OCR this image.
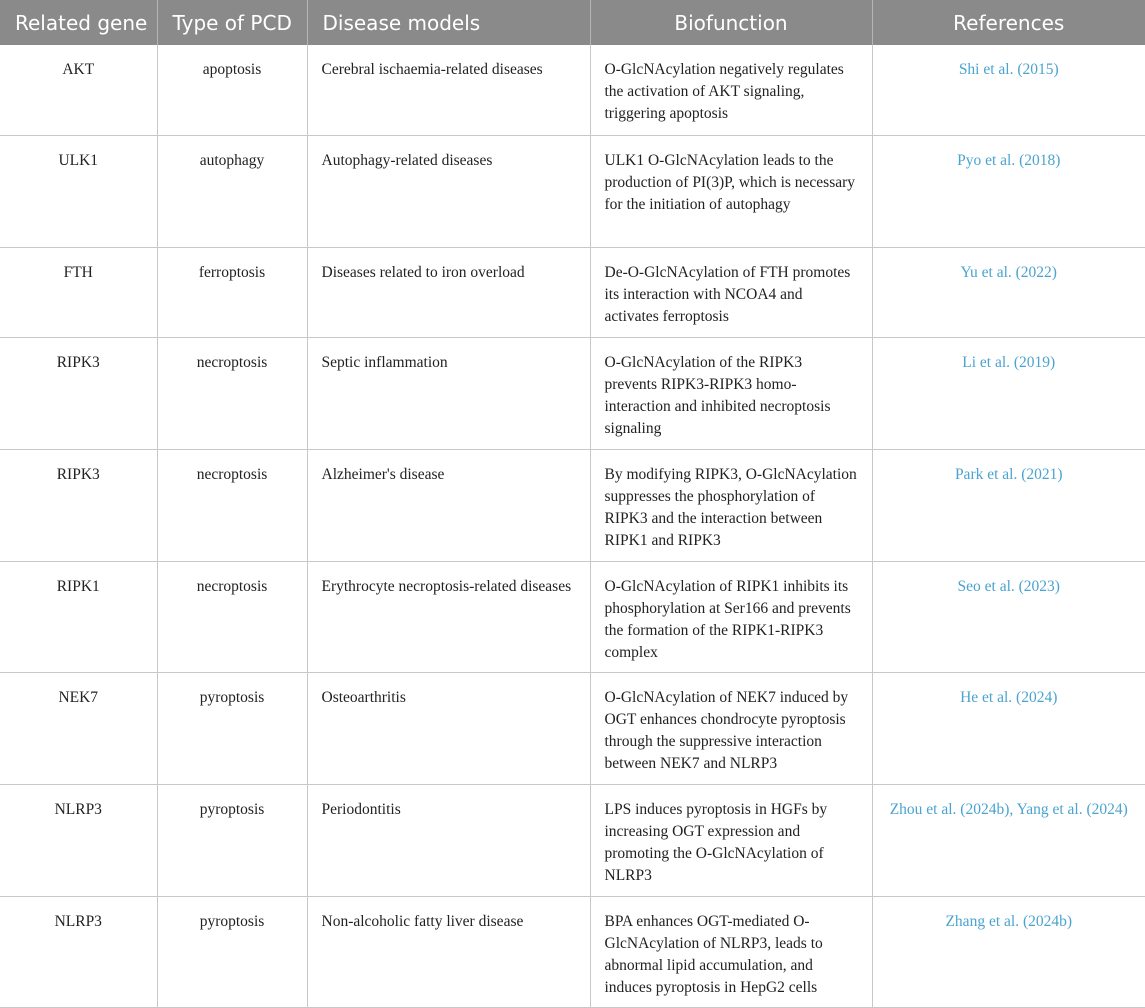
Related gene	Type of PCD	Disease models	Biofunction	References
AKT	apoptosis	Cerebral ischaemia-related diseases	O-GlcNAcylation negatively regulates the activation of AKT signaling, triggering apoptosis	Shi et al. (2015)
ULK1	autophagy	Autophagy-related diseases	ULK1 O-GlcNAcylation leads to the production of PI(3)P, which is necessary for the initiation of autophagy	Pyo et al. (2018)
FTH	ferroptosis	Diseases related to iron overload	De-O-GlcNAcylation of FTH promotes its interaction with NCOA4 and activates ferroptosis	Yu et al. (2022)
RIPK3	necroptosis	Septic inflammation	O-GlcNAcylation of the RIPK3 prevents RIPK3-RIPK3 homo-interaction and inhibited necroptosis signaling	Li et al. (2019)
RIPK3	necroptosis	Alzheimer's disease	By modifying RIPK3, O-GlcNAcylation suppresses the phosphorylation of RIPK3 and the interaction between RIPK1 and RIPK3	Park et al. (2021)
RIPK1	necroptosis	Erythrocyte necroptosis-related diseases	O-GlcNAcylation of RIPK1 inhibits its phosphorylation at Ser166 and prevents the formation of the RIPK1-RIPK3 complex	Seo et al. (2023)
NEK7	pyroptosis	Osteoarthritis	O-GlcNAcylation of NEK7 induced by OGT enhances chondrocyte pyroptosis through the suppressive interaction between NEK7 and NLRP3	He et al. (2024)
NLRP3	pyroptosis	Periodontitis	LPS induces pyroptosis in HGFs by increasing OGT expression and promoting the O-GlcNAcylation of NLRP3	Zhou et al. (2024b), Yang et al. (2024)
NLRP3	pyroptosis	Non-alcoholic fatty liver disease	BPA enhances OGT-mediated O-GlcNAcylation of NLRP3, leads to abnormal lipid accumulation, and induces pyroptosis in HepG2 cells	Zhang et al. (2024b)
